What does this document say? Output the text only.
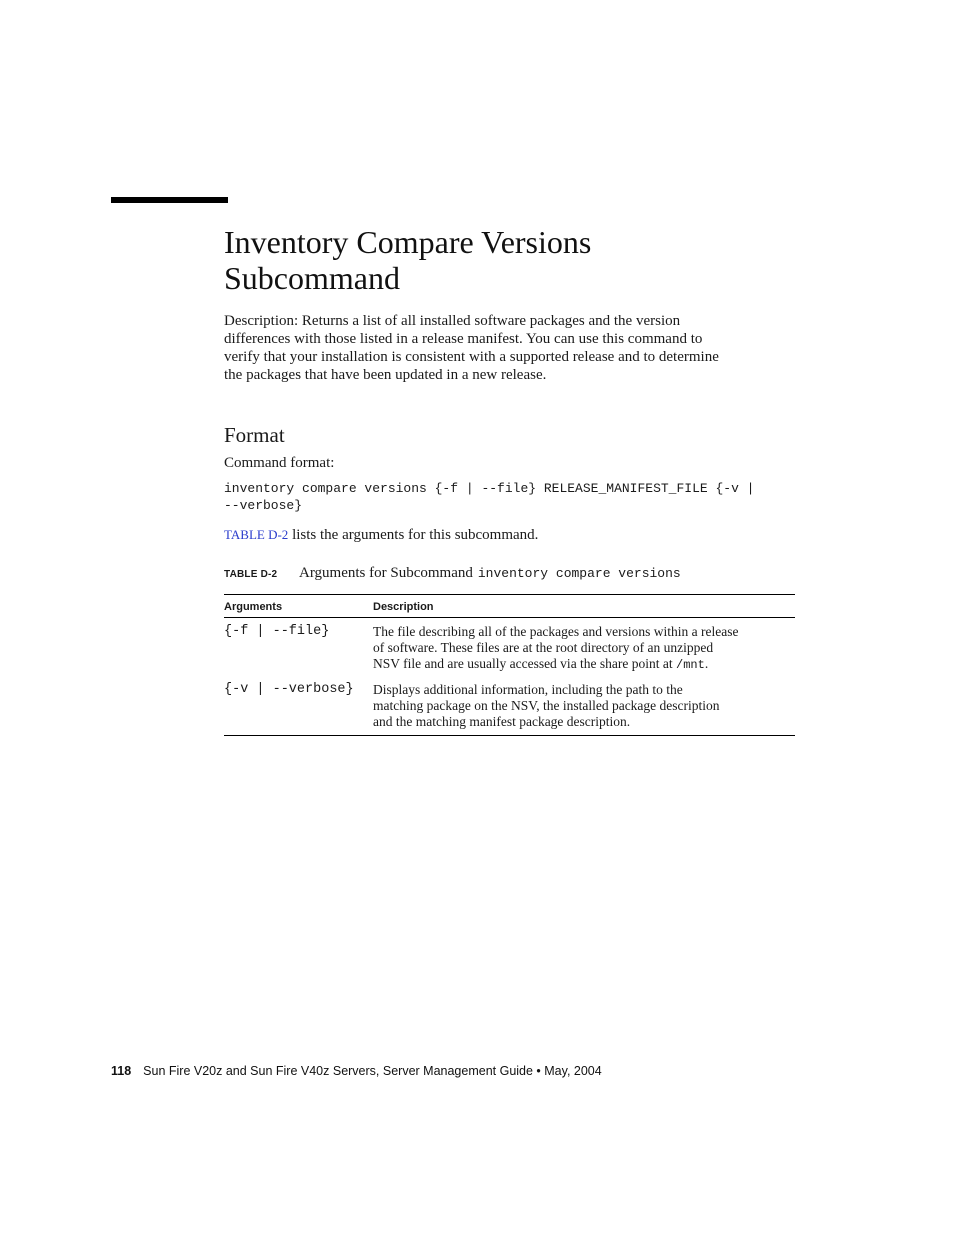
Inventory Compare Versions
Subcommand

Description: Returns a list of all installed software packages and the version
differences with those listed in a release manifest. You can use this command to
verify that your installation is consistent with a supported release and to determine
the packages that have been updated in a new release.

Format

Command format:

inventory compare versions {-f | --file} RELEASE_MANIFEST_FILE {-v |
--verbose}

TABLE D-2 lists the arguments for this subcommand.

TABLE D-2	Arguments for Subcommand inventory compare versions
Arguments	Description
{-f | --file}	The file describing all of the packages and versions within a release
of software. These files are at the root directory of an unzipped
NSV file and are usually accessed via the share point at /mnt.
{-v | --verbose}	Displays additional information, including the path to the
matching package on the NSV, the installed package description
and the matching manifest package description.
118 Sun Fire V20z and Sun Fire V40z Servers, Server Management Guide • May, 2004
